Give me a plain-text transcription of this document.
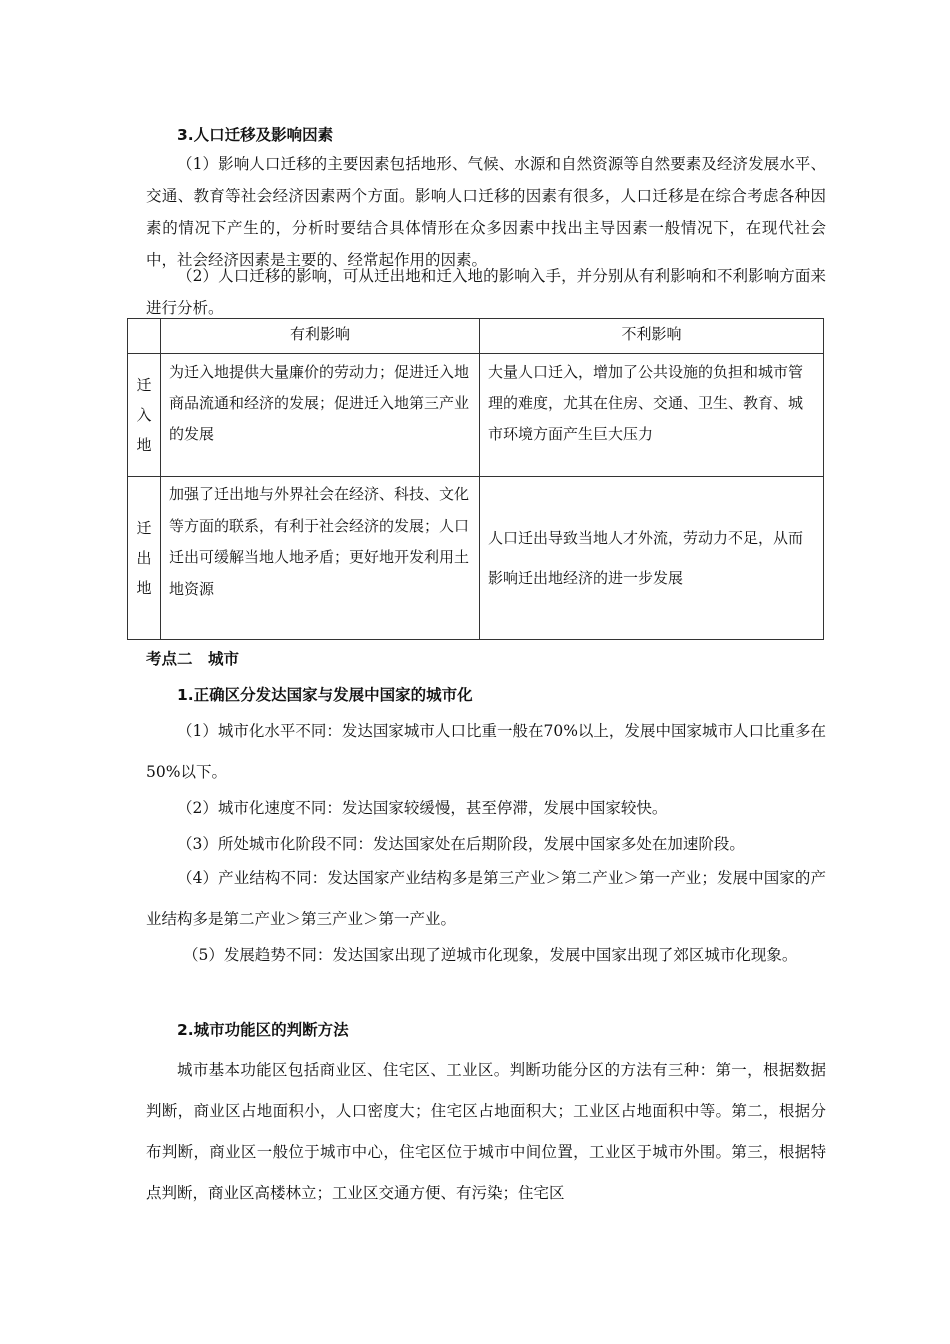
3.人口迁移及影响因素
（1）影响人口迁移的主要因素包括地形、气候、水源和自然资源等自然要素及经济发展水平、交通、教育等社会经济因素两个方面。影响人口迁移的因素有很多，人口迁移是在综合考虑各种因素的情况下产生的，分析时要结合具体情形在众多因素中找出主导因素一般情况下，在现代社会中，社会经济因素是主要的、经常起作用的因素。
（2）人口迁移的影响，可从迁出地和迁入地的影响入手，并分别从有利影响和不利影响方面来进行分析。
	有利影响	不利影响

迁
入
地	为迁入地提供大量廉价的劳动力；促进迁入地商品流通和经济的发展；促进迁入地第三产业的发展	大量人口迁入，增加了公共设施的负担和城市管理的难度，尤其在住房、交通、卫生、教育、城市环境方面产生巨大压力

迁
出
地	加强了迁出地与外界社会在经济、科技、文化等方面的联系，有利于社会经济的发展；人口迁出可缓解当地人地矛盾；更好地开发利用土地资源	人口迁出导致当地人才外流，劳动力不足，从而影响迁出地经济的进一步发展
考点二　城市
1.正确区分发达国家与发展中国家的城市化
（1）城市化水平不同：发达国家城市人口比重一般在70%以上，发展中国家城市人口比重多在50%以下。
（2）城市化速度不同：发达国家较缓慢，甚至停滞，发展中国家较快。
（3）所处城市化阶段不同：发达国家处在后期阶段，发展中国家多处在加速阶段。
（4）产业结构不同：发达国家产业结构多是第三产业＞第二产业＞第一产业；发展中国家的产业结构多是第二产业＞第三产业＞第一产业。
（5）发展趋势不同：发达国家出现了逆城市化现象，发展中国家出现了郊区城市化现象。
2.城市功能区的判断方法
城市基本功能区包括商业区、住宅区、工业区。判断功能分区的方法有三种：第一，根据数据判断，商业区占地面积小，人口密度大；住宅区占地面积大；工业区占地面积中等。第二，根据分布判断，商业区一般位于城市中心，住宅区位于城市中间位置，工业区于城市外围。第三，根据特点判断，商业区高楼林立；工业区交通方便、有污染；住宅区
